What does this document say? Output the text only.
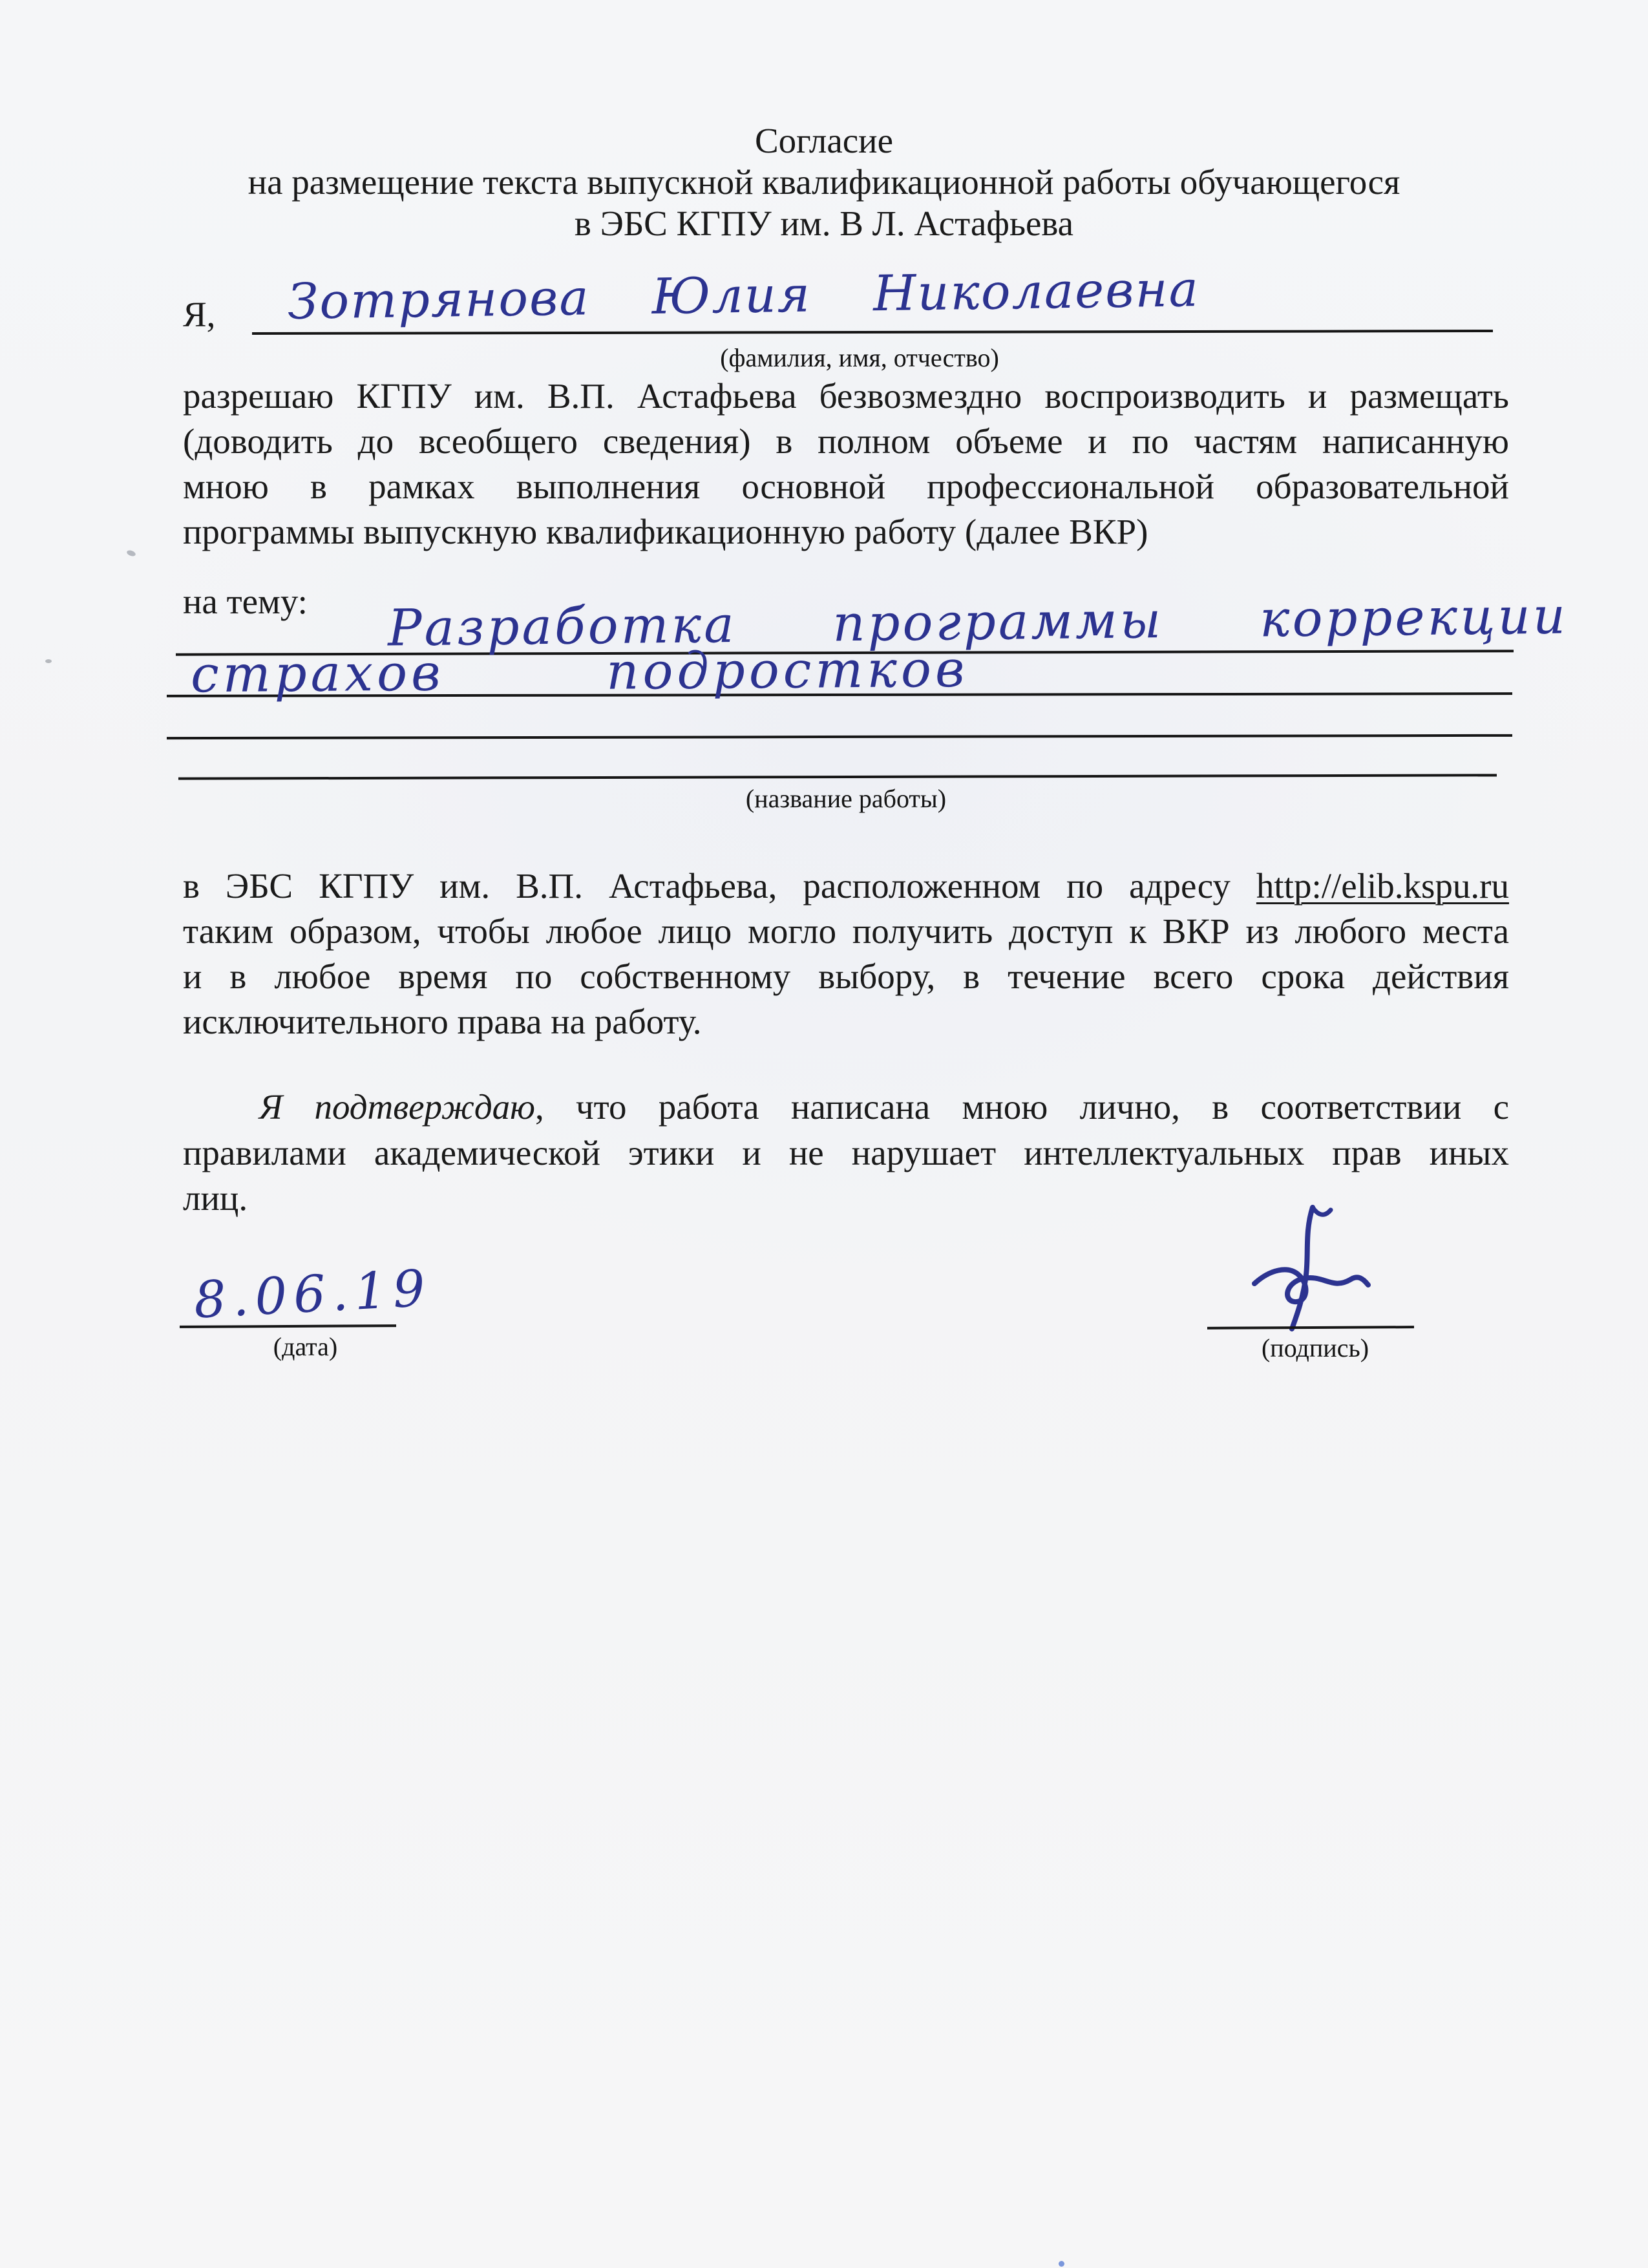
Согласие
на размещение текста выпускной квалификационной работы обучающегося
в ЭБС КГПУ им. В Л. Астафьева
Я, Зотрянова Юлия Николаевна
(фамилия, имя, отчество)
разрешаю КГПУ им. В.П. Астафьева безвозмездно воспроизводить и размещать
(доводить до всеобщего сведения) в полном объеме и по частям написанную
мною в рамках выполнения основной профессиональной образовательной
программы выпускную квалификационную работу (далее ВКР)
на тему: Разработка программы коррекции
страхов подростков
(название работы)
в ЭБС КГПУ им. В.П. Астафьева, расположенном по адресу http://elib.kspu.ru
таким образом, чтобы любое лицо могло получить доступ к ВКР из любого места
и в любое время по собственному выбору, в течение всего срока действия
исключительного права на работу.
Я подтверждаю, что работа написана мною лично, в соответствии с
правилами академической этики и не нарушает интеллектуальных прав иных
лиц.
8.06.19
(дата)	(подпись)
